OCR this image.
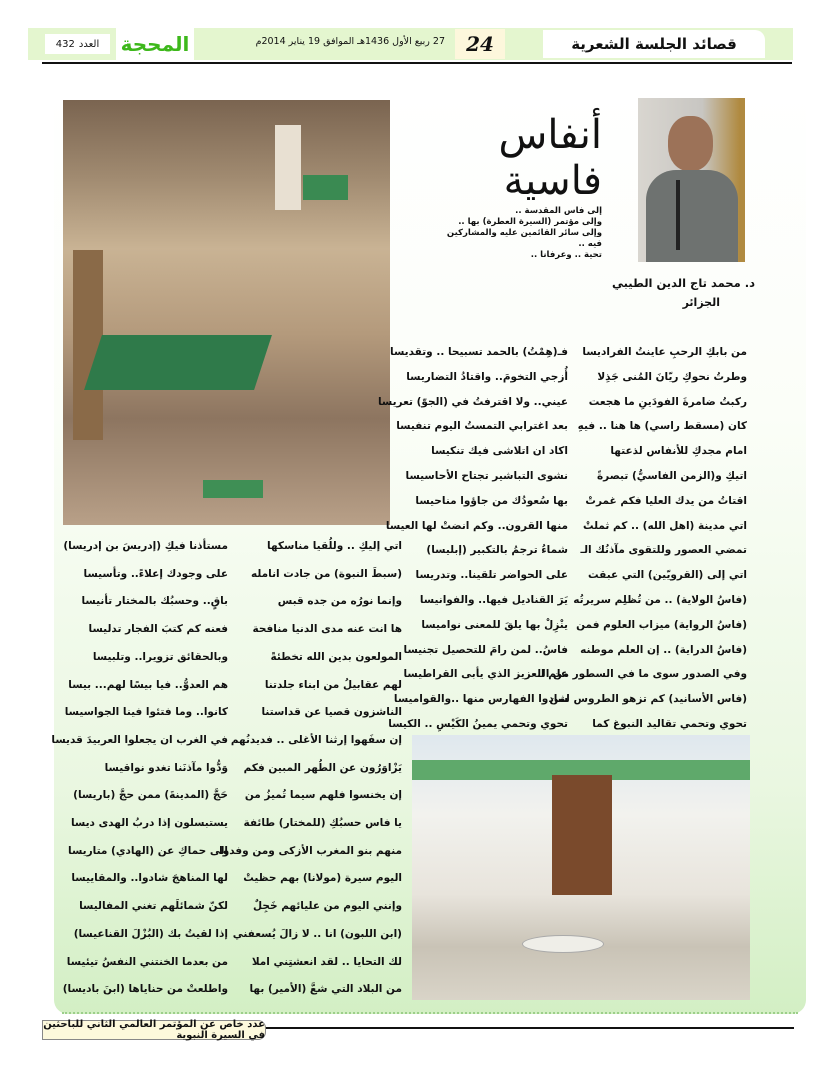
قصائد الجلسة الشعرية
24
27 ربيع الأول 1436هـ الموافق 19 يناير 2014م
المحجة
العدد
432
أنفاس فاسية
إلى فاس المقدسة ..
وإلى مؤتمر (السيرة العطرة) بها ..
وإلى سائر القائمين عليه والمشاركين فيه ..
تحية .. وعرفانا ..
د. محمد تاج الدين الطيبي
الجزائر
من بابكِ الرحبِ عاينتُ الفراديسا
فـ(هِمْتُ) بالحمد تسبيحا .. وتقديسا
وطرتُ نحوكِ ريّانَ المُنى جَذِلا
أُزجي التخومَ.. واقتادُ التضاريسا
ركبتُ ضامرةَ الفودَينِ ما هجعت
عيني.. ولا اقترفتُ في (الجوّ) تعريسا
كان (مسقط راسي) ها هنا .. فيهِ
بعد اغترابي التمستُ اليوم تنفيسا
امام مجدكِ للأنفاس لذعتها
اكاد ان اتلاشى فيك تنكيسا
اتيكِ و(الزمن الفاسيُّ) تبصرةً
نشوى التباشير تجتاح الأحاسيسا
اقتاتُ من يدك العليا فكم غمرتْ
بها سُعودُك من جاؤوا مناحيسا
اتي مدينة (اهل الله) .. كم ثملتْ
منها القرون.. وكم انضتْ لها العيسا
تمضي العصور وللتقوى مآذنُك الـ
شماءُ ترجمُ بالتكبير (إبليسا)
اتي إلى (القرويّين) التي عبقت
على الحواضر تلقينا.. وتدريسا
(فاسُ الولاية) .. من تُظلِم سريرتُه
يَرَ القناديل فيها.. والفوانيسا
(فاسُ الرواية) ميزاب العلوم فمن
ينْزِلْ بها يلقَ للمعنى نواميسا
(فاسُ الدراية) .. إن العلم موطنه
فاسُ.. لمن رامَ للتحصيل تجنيسا
وفي الصدور سوى ما في السطور من الـ
علم العزيز الذي يأبى القراطيسا
(فاس الأسانيد) كم تزهو الطروس لمن
شادوا الفهارس منها ..والقواميسا
تحوي وتحمي تقاليد النبوغ كما
تحوي وتحمي يمينُ الكَيْسِ .. الكيسا
اتي إليكِ .. وللُقيا مناسكها
مستأذنا فيكِ (إدريسَ بن إدريسا)
(سبطَ النبوة) من جادت انامله
على وجودك إعلاءً.. وتأسيسا
وإنما نورُه من جده قبس
باقٍ.. وحسبُك بالمختار تأنيسا
ها انت عنه مدى الدنيا منافحة
فعنه كم كتبَ الفجار تدليسا
المولعون بدين الله تخطئةً
وبالحقائق تزويرا.. وتلبيسا
لهم عقابيلُ من ابناء جلدتنا
هم العدوُّ.. فيا بيسًا لهم... بيسا
الناشزون قصيا عن قداستنا
كانوا.. وما فتئوا فينا الجواسيسا
إن سفَهوا إرثنا الأغلى .. فديدنُهم
في الغرب ان يجعلوا العربيدَ قديسا
يَزْاوَرُون عن الطُهر المبين فكم
وَدُّوا مآذنَنا تغدو نواقيسا
إن يخنسوا فلهم سيما تُميزُ من
حَجَّ (المدينةَ) ممن حجَّ (باريسا)
يا فاس حسبُكِ (للمختار) طائفة
يستبسلون إذا دربُ الهدى ديسا
منهم بنو المغرب الأزكى ومن وفدوا
إلى حماكِ عن (الهادي) متاريسا
اليوم سيرة (مولانا) بهم حظيتْ
لها المناهجَ شادوا.. والمقاييسا
وإنني اليوم من عليائهم خَجِلٌ
لكنّ شمائلَهم تغني المفاليسا
(ابن اللبون) انا .. لا زالَ يُسعفني
إذا لقيتُ بك (البُزْلَ القناعيسا)
لك التحايا .. لقد انعشتِني املا
من بعدما الخنتني النفسُ تيئيسا
من البلاد التي شعَّ (الأمير) بها
واطلعتْ من حناياها (ابنَ باديسا)
عدد خاص عن المؤتمر العالمي الثاني للباحثين في السيرة النبوية
